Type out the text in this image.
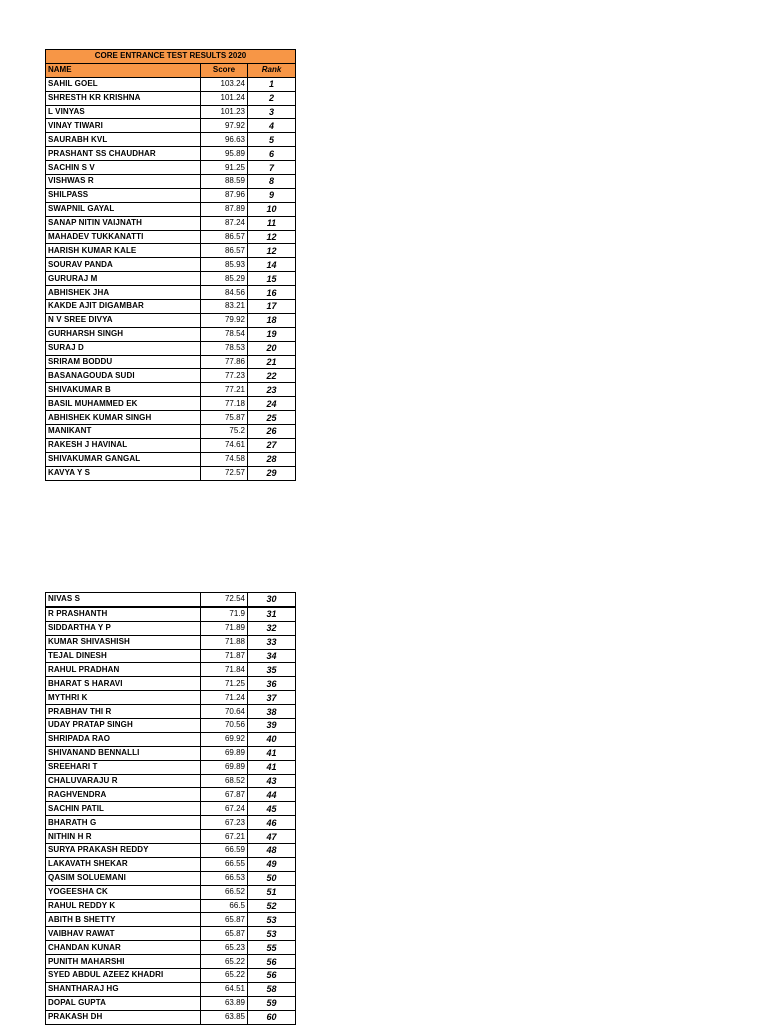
CORE ENTRANCE TEST RESULTS 2020		
NAME	Score	Rank
SAHIL GOEL	103.24	1
SHRESTH KR KRISHNA	101.24	2
L VINYAS	101.23	3
VINAY TIWARI	97.92	4
SAURABH KVL	96.63	5
PRASHANT SS CHAUDHAR	95.89	6
SACHIN S V	91.25	7
VISHWAS R	88.59	8
SHILPASS	87.96	9
SWAPNIL GAYAL	87.89	10
SANAP NITIN VAIJNATH	87.24	11
MAHADEV TUKKANATTI	86.57	12
HARISH KUMAR KALE	86.57	12
SOURAV PANDA	85.93	14
GURURAJ M	85.29	15
ABHISHEK JHA	84.56	16
KAKDE AJIT DIGAMBAR	83.21	17
N V SREE DIVYA	79.92	18
GURHARSH SINGH	78.54	19
SURAJ D	78.53	20
SRIRAM BODDU	77.86	21
BASANAGOUDA SUDI	77.23	22
SHIVAKUMAR B	77.21	23
BASIL MUHAMMED EK	77.18	24
ABHISHEK KUMAR SINGH	75.87	25
MANIKANT	75.2	26
RAKESH J HAVINAL	74.61	27
SHIVAKUMAR GANGAL	74.58	28
KAVYA Y S	72.57	29
NIVAS S	72.54	30
R PRASHANTH	71.9	31
SIDDARTHA Y P	71.89	32
KUMAR SHIVASHISH	71.88	33
TEJAL DINESH	71.87	34
RAHUL PRADHAN	71.84	35
BHARAT S HARAVI	71.25	36
MYTHRI K	71.24	37
PRABHAV THI R	70.64	38
UDAY PRATAP SINGH	70.56	39
SHRIPADA RAO	69.92	40
SHIVANAND BENNALLI	69.89	41
SREEHARI T	69.89	41
CHALUVARAJU R	68.52	43
RAGHVENDRA	67.87	44
SACHIN PATIL	67.24	45
BHARATH G	67.23	46
NITHIN H R	67.21	47
SURYA PRAKASH REDDY	66.59	48
LAKAVATH SHEKAR	66.55	49
QASIM SOLUEMANI	66.53	50
YOGEESHA CK	66.52	51
RAHUL REDDY K	66.5	52
ABITH B SHETTY	65.87	53
VAIBHAV RAWAT	65.87	53
CHANDAN KUNAR	65.23	55
PUNITH MAHARSHI	65.22	56
SYED ABDUL AZEEZ KHADRI	65.22	56
SHANTHARAJ HG	64.51	58
DOPAL GUPTA	63.89	59
PRAKASH DH	63.85	60
